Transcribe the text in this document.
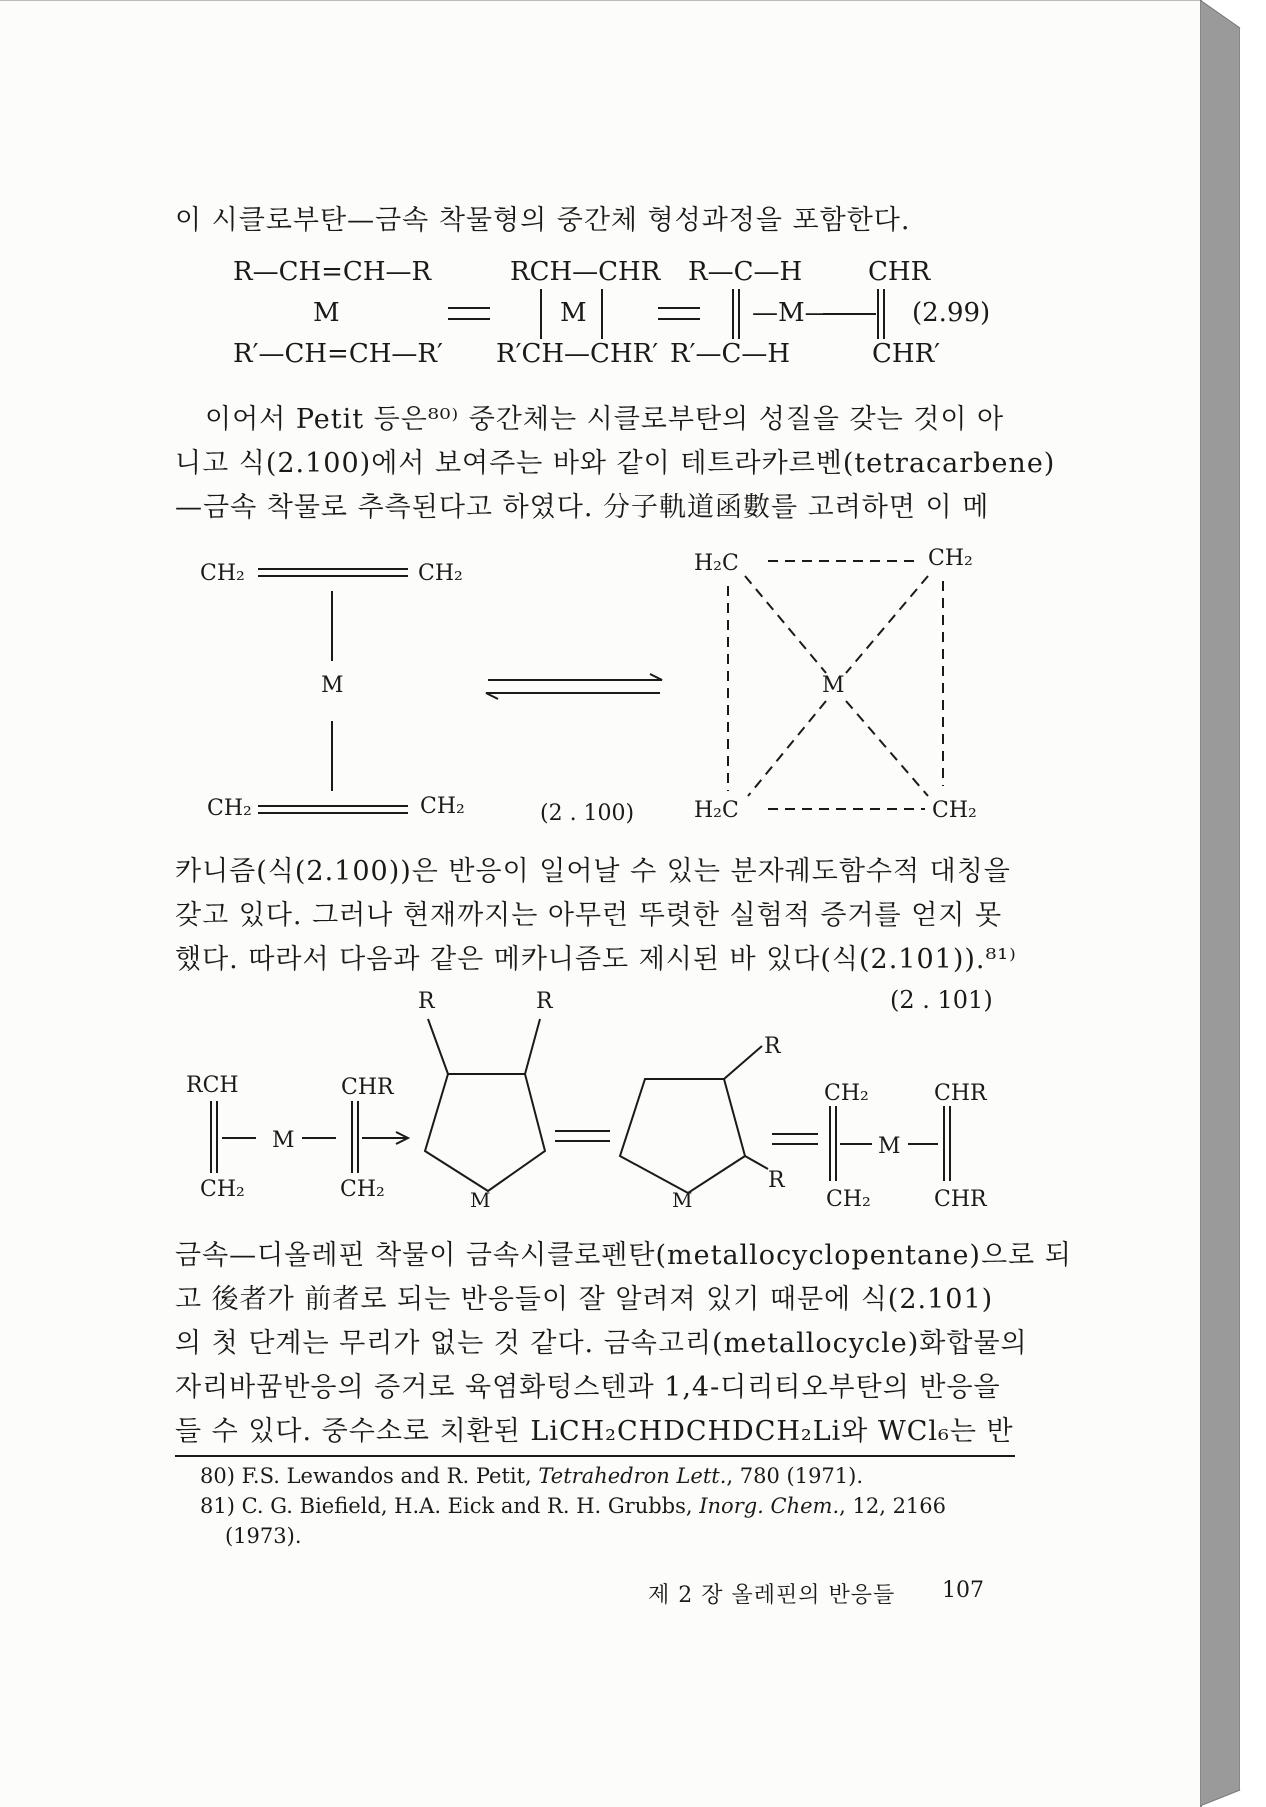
이 시클로부탄—금속 착물형의 중간체 형성과정을 포함한다.
R—CH=CH—R
M
R′—CH=CH—R′
RCH—CHR
M
R′CH—CHR′
R—C—H
—M—
R′—C—H
CHR
CHR′
(2.99)
이어서 Petit 등은⁸⁰⁾ 중간체는 시클로부탄의 성질을 갖는 것이 아
니고 식(2.100)에서 보여주는 바와 같이 테트라카르벤(tetracarbene)
—금속 착물로 추측된다고 하였다. 分子軌道函數를 고려하면 이 메
CH₂	CH₂
M
CH₂	CH₂	(2 . 100)
H₂C	CH₂
M
H₂C	CH₂
카니즘(식(2.100))은 반응이 일어날 수 있는 분자궤도함수적 대칭을
갖고 있다. 그러나 현재까지는 아무런 뚜렷한 실험적 증거를 얻지 못
했다. 따라서 다음과 같은 메카니즘도 제시된 바 있다(식(2.101)).⁸¹⁾
(2 . 101)
RCH
CH₂
M
CHR
CH₂
R	R
M
R
R
M
CH₂
CH₂
M
CHR
CHR
금속—디올레핀 착물이 금속시클로펜탄(metallocyclopentane)으로 되
고 後者가 前者로 되는 반응들이 잘 알려져 있기 때문에 식(2.101)
의 첫 단계는 무리가 없는 것 같다. 금속고리(metallocycle)화합물의
자리바꿈반응의 증거로 육염화텅스텐과 1,4-디리티오부탄의 반응을
들 수 있다. 중수소로 치환된 LiCH₂CHDCHDCH₂Li와 WCl₆는 반
80) F.S. Lewandos and R. Petit, Tetrahedron Lett., 780 (1971).
81) C. G. Biefield, H.A. Eick and R. H. Grubbs, Inorg. Chem., 12, 2166
(1973).
제 2 장 올레핀의 반응들 107
